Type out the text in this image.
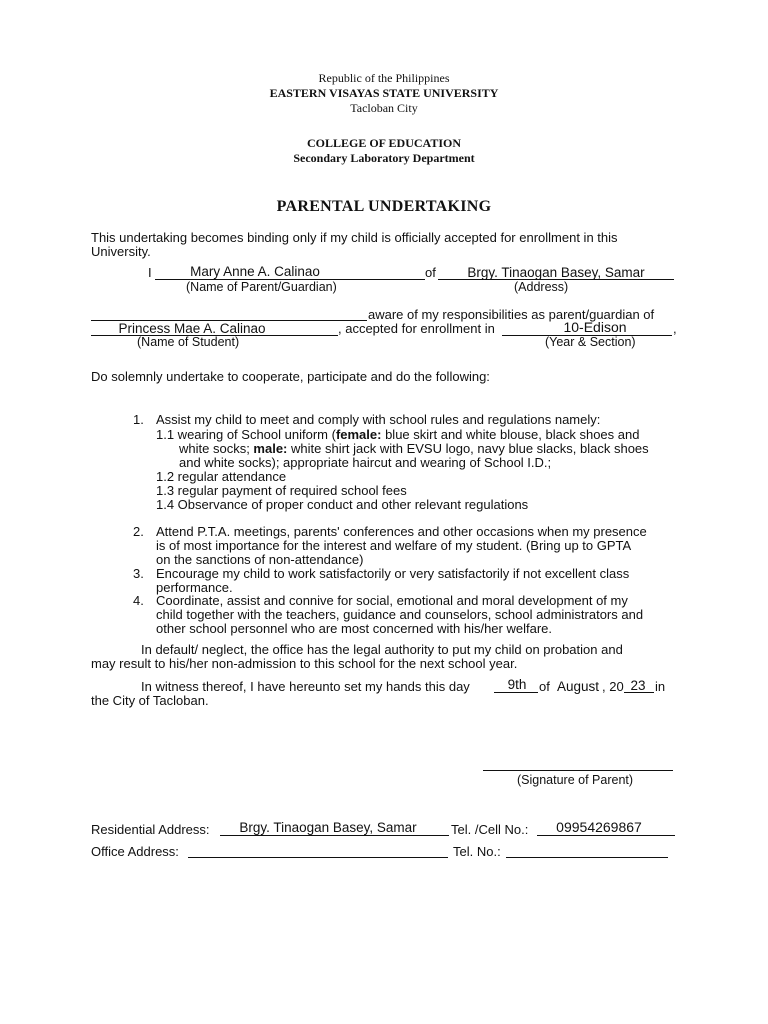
Republic of the Philippines
EASTERN VISAYAS STATE UNIVERSITY
Tacloban City
COLLEGE OF EDUCATION
Secondary Laboratory Department
PARENTAL UNDERTAKING
This undertaking becomes binding only if my child is officially accepted for enrollment in this
University.
I	Mary Anne A. Calinao	of	Brgy. Tinaogan Basey, Samar
(Name of Parent/Guardian)	(Address)
aware of my responsibilities as parent/guardian of
Princess Mae A. Calinao	, accepted for enrollment in	10-Edison	,
(Name of Student)	(Year & Section)
Do solemnly undertake to cooperate, participate and do the following:
1. Assist my child to meet and comply with school rules and regulations namely:
1.1 wearing of School uniform (female: blue skirt and white blouse, black shoes and
white socks; male: white shirt jack with EVSU logo, navy blue slacks, black shoes
and white socks); appropriate haircut and wearing of School I.D.;
1.2 regular attendance
1.3 regular payment of required school fees
1.4 Observance of proper conduct and other relevant regulations
2. Attend P.T.A. meetings, parents' conferences and other occasions when my presence
is of most importance for the interest and welfare of my student. (Bring up to GPTA
on the sanctions of non-attendance)
3. Encourage my child to work satisfactorily or very satisfactorily if not excellent class
performance.
4. Coordinate, assist and connive for social, emotional and moral development of my
child together with the teachers, guidance and counselors, school administrators and
other school personnel who are most concerned with his/her welfare.
In default/ neglect, the office has the legal authority to put my child on probation and
may result to his/her non-admission to this school for the next school year.
In witness thereof, I have hereunto set my hands this day	9th of August , 20 23 in
the City of Tacloban.
(Signature of Parent)
Residential Address:	Brgy. Tinaogan Basey, Samar	Tel. /Cell No.:	09954269867
Office Address:	Tel. No.:
